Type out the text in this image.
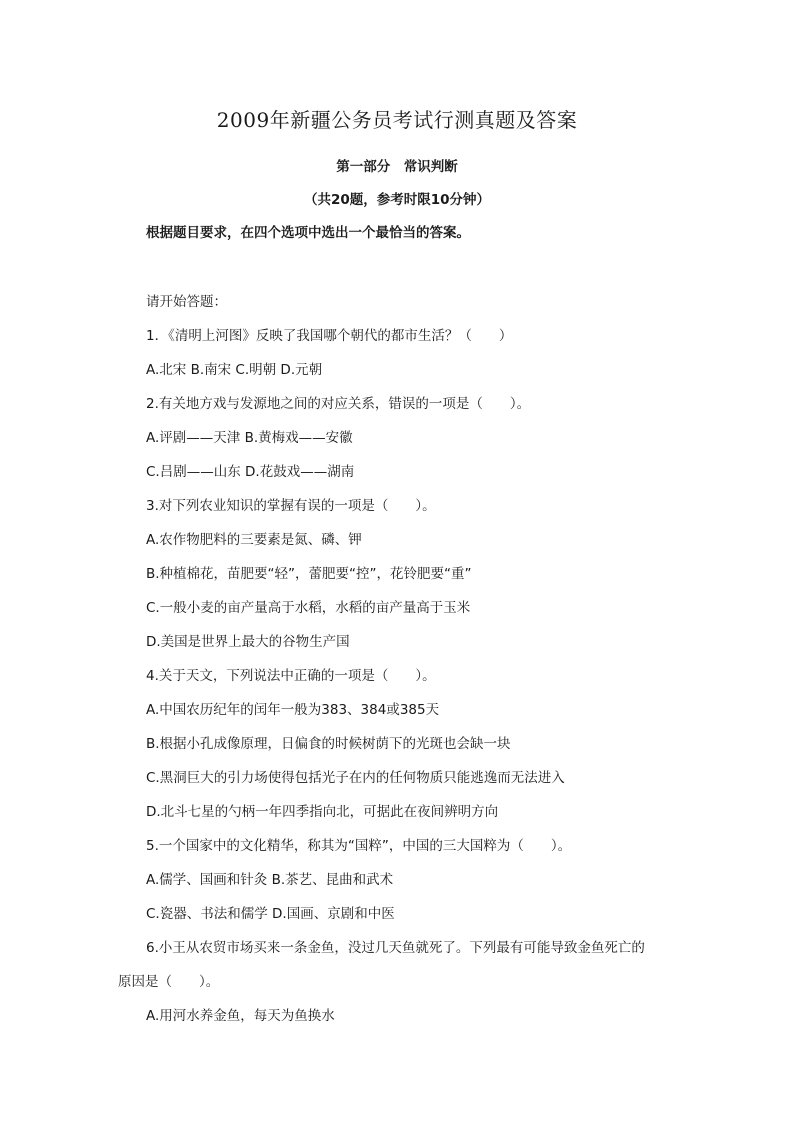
2009年新疆公务员考试行测真题及答案
第一部分　常识判断
（共20题，参考时限10分钟）
根据题目要求，在四个选项中选出一个最恰当的答案。
请开始答题：
1．《清明上河图》反映了我国哪个朝代的都市生活？（　　）
A.北宋 B.南宋 C.明朝 D.元朝
2.有关地方戏与发源地之间的对应关系，错误的一项是（　　）。
A.评剧——天津 B.黄梅戏——安徽
C.吕剧——山东 D.花鼓戏——湖南
3.对下列农业知识的掌握有误的一项是（　　）。
A.农作物肥料的三要素是氮、磷、钾
B.种植棉花，苗肥要“轻”，蕾肥要“控”，花铃肥要“重”
C.一般小麦的亩产量高于水稻，水稻的亩产量高于玉米
D.美国是世界上最大的谷物生产国
4.关于天文，下列说法中正确的一项是（　　）。
A.中国农历纪年的闰年一般为383、384或385天
B.根据小孔成像原理，日偏食的时候树荫下的光斑也会缺一块
C.黑洞巨大的引力场使得包括光子在内的任何物质只能逃逸而无法进入
D.北斗七星的勺柄一年四季指向北，可据此在夜间辨明方向
5.一个国家中的文化精华，称其为“国粹”，中国的三大国粹为（　　）。
A.儒学、国画和针灸 B.茶艺、昆曲和武术
C.瓷器、书法和儒学 D.国画、京剧和中医
6.小王从农贸市场买来一条金鱼，没过几天鱼就死了。下列最有可能导致金鱼死亡的
原因是（　　）。
A.用河水养金鱼，每天为鱼换水
